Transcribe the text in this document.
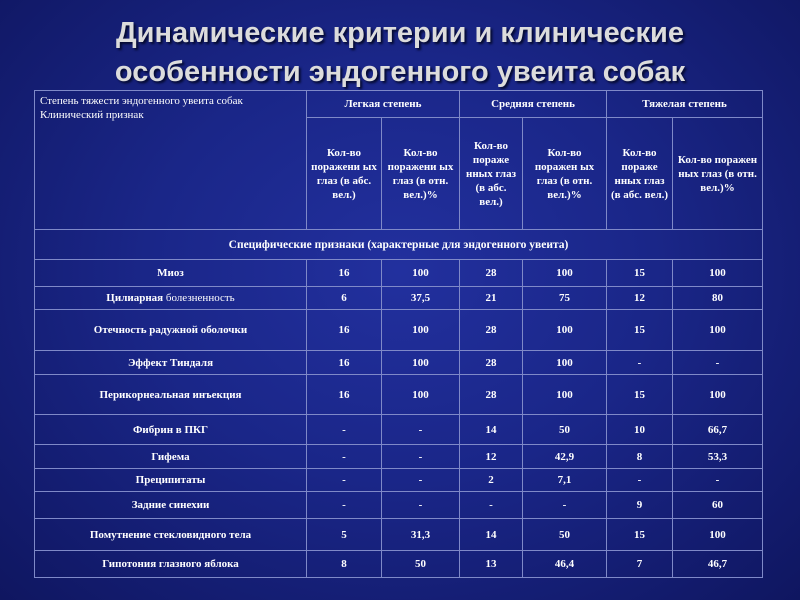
Динамические критерии и клинические
особенности эндогенного увеита собак
Степень тяжести эндогенного увеита собак
Клинический признак	Легкая степень		Средняя степень		Тяжелая степень	
	Кол-во поражени ых глаз (в абс. вел.)	Кол-во поражени ых глаз (в отн. вел.)%	Кол-во пораже нных глаз (в абс. вел.)	Кол-во поражен ых глаз (в отн. вел.)%	Кол-во пораже нных глаз (в абс. вел.)	Кол-во поражен ных глаз (в отн. вел.)%
Специфические признаки (характерные для эндогенного увеита)						
Миоз	16	100	28	100	15	100
Цилиарная болезненность	6	37,5	21	75	12	80
Отечность радужной оболочки	16	100	28	100	15	100
Эффект Тиндаля	16	100	28	100	-	-
Перикорнеальная инъекция	16	100	28	100	15	100
Фибрин в ПКГ	-	-	14	50	10	66,7
Гифема	-	-	12	42,9	8	53,3
Преципитаты	-	-	2	7,1	-	-
Задние синехии	-	-	-	-	9	60
Помутнение стекловидного тела	5	31,3	14	50	15	100
Гипотония глазного яблока	8	50	13	46,4	7	46,7
